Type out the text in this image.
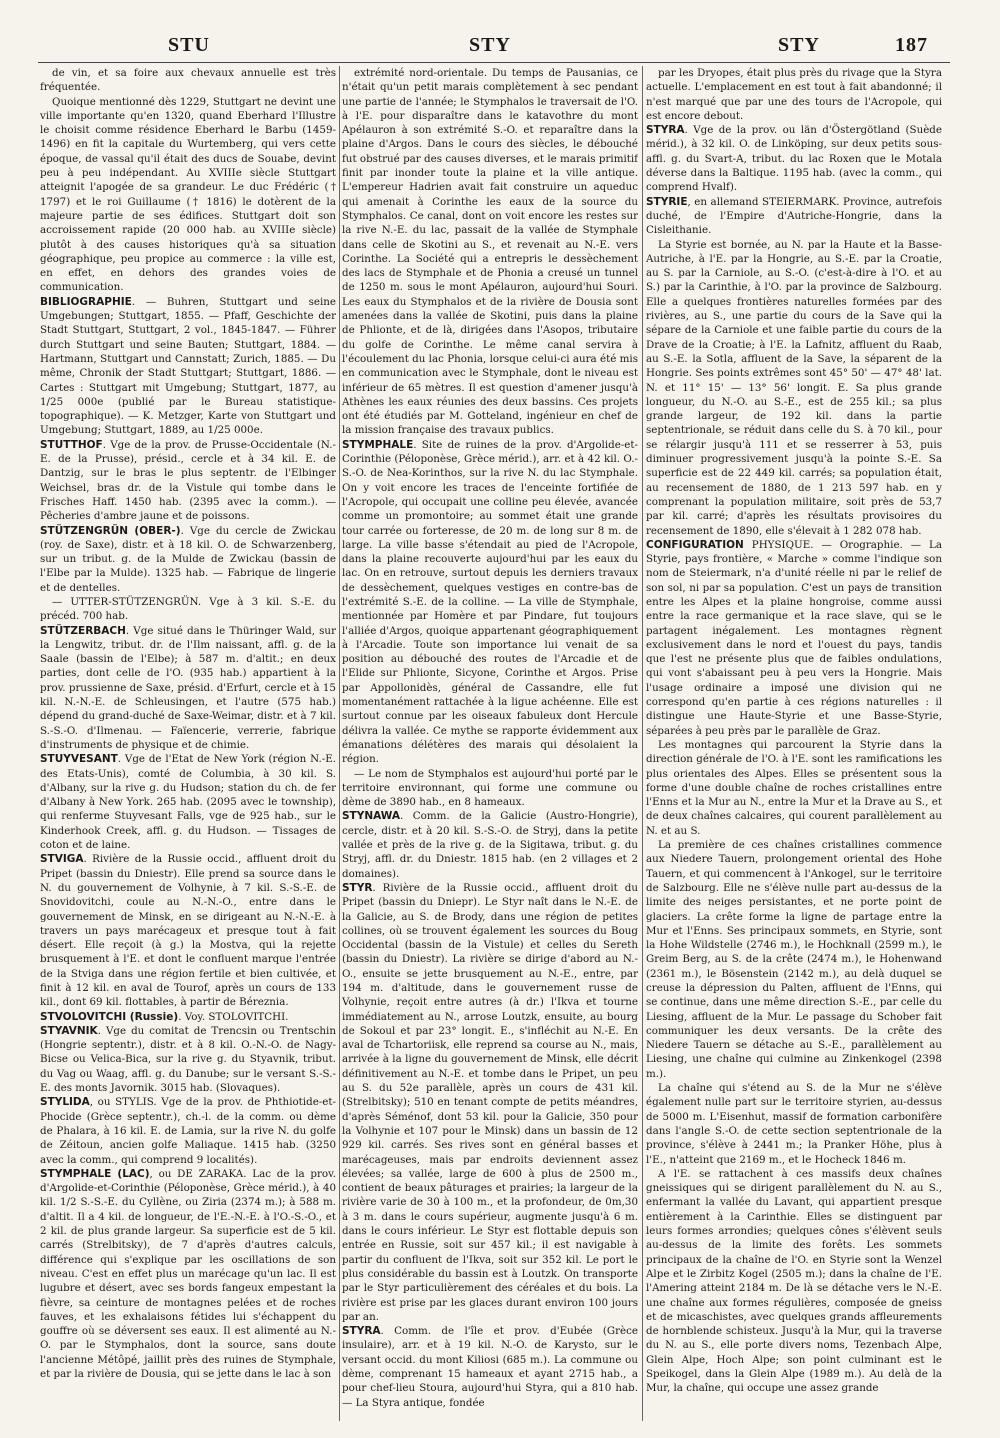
STU	STY	STY	187

de vin, et sa foire aux chevaux annuelle est très fréquentée.

Quoique mentionné dès 1229, Stuttgart ne devint une ville importante qu'en 1320, quand Eberhard l'Illustre le choisit comme résidence Eberhard le Barbu (1459-1496) en fit la capitale du Wurtemberg, qui vers cette époque, de vassal qu'il était des ducs de Souabe, devint peu à peu indépendant. Au XVIIIe siècle Stuttgart atteignit l'apogée de sa grandeur. Le duc Frédéric († 1797) et le roi Guillaume († 1816) le dotèrent de la majeure partie de ses édifices. Stuttgart doit son accroissement rapide (20 000 hab. au XVIIIe siècle) plutôt à des causes historiques qu'à sa situation géographique, peu propice au commerce : la ville est, en effet, en dehors des grandes voies de communication.

BIBLIOGRAPHIE. — Buhren, Stuttgart und seine Umgebungen; Stuttgart, 1855. — Pfaff, Geschichte der Stadt Stuttgart, Stuttgart, 2 vol., 1845-1847. — Führer durch Stuttgart und seine Bauten; Stuttgart, 1884. — Hartmann, Stuttgart und Cannstatt; Zurich, 1885. — Du même, Chronik der Stadt Stuttgart; Stuttgart, 1886. — Cartes : Stuttgart mit Umgebung; Stuttgart, 1877, au 1/25 000e (publié par le Bureau statistique-topographique). — K. Metzger, Karte von Stuttgart und Umgebung; Stuttgart, 1889, au 1/25 000e.

STUTTHOF. Vge de la prov. de Prusse-Occidentale (N.-E. de la Prusse), présid., cercle et à 34 kil. E. de Dantzig, sur le bras le plus septentr. de l'Elbinger Weichsel, bras dr. de la Vistule qui tombe dans le Frisches Haff. 1450 hab. (2395 avec la comm.). — Pêcheries d'ambre jaune et de poissons.

STÜTZENGRÜN (OBER-). Vge du cercle de Zwickau (roy. de Saxe), distr. et à 18 kil. O. de Schwarzenberg, sur un tribut. g. de la Mulde de Zwickau (bassin de l'Elbe par la Mulde). 1325 hab. — Fabrique de lingerie et de dentelles.

— UTTER-STÜTZENGRÜN. Vge à 3 kil. S.-E. du précéd. 700 hab.

STÜTZERBACH. Vge situé dans le Thüringer Wald, sur la Lengwitz, tribut. dr. de l'Ilm naissant, affl. g. de la Saale (bassin de l'Elbe); à 587 m. d'altit.; en deux parties, dont celle de l'O. (935 hab.) appartient à la prov. prussienne de Saxe, présid. d'Erfurt, cercle et à 15 kil. N.-N.-E. de Schleusingen, et l'autre (575 hab.) dépend du grand-duché de Saxe-Weimar, distr. et à 7 kil. S.-S.-O. d'Ilmenau. — Faïencerie, verrerie, fabrique d'instruments de physique et de chimie.

STUYVESANT. Vge de l'Etat de New York (région N.-E. des Etats-Unis), comté de Columbia, à 30 kil. S. d'Albany, sur la rive g. du Hudson; station du ch. de fer d'Albany à New York. 265 hab. (2095 avec le township), qui renferme Stuyvesant Falls, vge de 925 hab., sur le Kinderhook Creek, affl. g. du Hudson. — Tissages de coton et de laine.

STVIGA. Rivière de la Russie occid., affluent droit du Pripet (bassin du Dniestr). Elle prend sa source dans le N. du gouvernement de Volhynie, à 7 kil. S.-S.-E. de Snovidovitchi, coule au N.-N.-O., entre dans le gouvernement de Minsk, en se dirigeant au N.-N.-E. à travers un pays marécageux et presque tout à fait désert. Elle reçoit (à g.) la Mostva, qui la rejette brusquement à l'E. et dont le confluent marque l'entrée de la Stviga dans une région fertile et bien cultivée, et finit à 12 kil. en aval de Tourof, après un cours de 133 kil., dont 69 kil. flottables, à partir de Béreznia.

STVOLOVITCHI (Russie). Voy. STOLOVITCHI.

STYAVNIK. Vge du comitat de Trencsin ou Trentschin (Hongrie septentr.), distr. et à 8 kil. O.-N.-O. de Nagy-Bicse ou Velica-Bica, sur la rive g. du Styavnik, tribut. du Vag ou Waag, affl. g. du Danube; sur le versant S.-S.-E. des monts Javornik. 3015 hab. (Slovaques).

STYLIDA, ou STYLIS. Vge de la prov. de Phthiotide-et-Phocide (Grèce septentr.), ch.-l. de la comm. ou dème de Phalara, à 16 kil. E. de Lamia, sur la rive N. du golfe de Zéitoun, ancien golfe Maliaque. 1415 hab. (3250 avec la comm., qui comprend 9 localités).

STYMPHALE (LAC), ou DE ZARAKA. Lac de la prov. d'Argolide-et-Corinthie (Péloponèse, Grèce mérid.), à 40 kil. 1/2 S.-S.-E. du Cyllène, ou Ziria (2374 m.); à 588 m. d'altit. Il a 4 kil. de longueur, de l'E.-N.-E. à l'O.-S.-O., et 2 kil. de plus grande largeur. Sa superficie est de 5 kil. carrés (Strelbitsky), de 7 d'après d'autres calculs, différence qui s'explique par les oscillations de son niveau. C'est en effet plus un marécage qu'un lac. Il est lugubre et désert, avec ses bords fangeux empestant la fièvre, sa ceinture de montagnes pelées et de roches fauves, et les exhalaisons fétides lui s'échappent du gouffre où se déversent ses eaux. Il est alimenté au N.-O. par le Stymphalos, dont la source, sans doute l'ancienne Métôpé, jaillit près des ruines de Stymphale, et par la rivière de Dousia, qui se jette dans le lac à son

extrémité nord-orientale. Du temps de Pausanias, ce n'était qu'un petit marais complètement à sec pendant une partie de l'année; le Stymphalos le traversait de l'O. à l'E. pour disparaître dans le katavothre du mont Apélauron à son extrémité S.-O. et reparaître dans la plaine d'Argos. Dans le cours des siècles, le débouché fut obstrué par des causes diverses, et le marais primitif finit par inonder toute la plaine et la ville antique. L'empereur Hadrien avait fait construire un aqueduc qui amenait à Corinthe les eaux de la source du Stymphalos. Ce canal, dont on voit encore les restes sur la rive N.-E. du lac, passait de la vallée de Stymphale dans celle de Skotini au S., et revenait au N.-E. vers Corinthe. La Société qui a entrepris le dessèchement des lacs de Stymphale et de Phonia a creusé un tunnel de 1250 m. sous le mont Apélauron, aujourd'hui Souri. Les eaux du Stymphalos et de la rivière de Dousia sont amenées dans la vallée de Skotini, puis dans la plaine de Phlionte, et de là, dirigées dans l'Asopos, tributaire du golfe de Corinthe. Le même canal servira à l'écoulement du lac Phonia, lorsque celui-ci aura été mis en communication avec le Stymphale, dont le niveau est inférieur de 65 mètres. Il est question d'amener jusqu'à Athènes les eaux réunies des deux bassins. Ces projets ont été étudiés par M. Gotteland, ingénieur en chef de la mission française des travaux publics.

STYMPHALE. Site de ruines de la prov. d'Argolide-et-Corinthie (Péloponèse, Grèce mérid.), arr. et à 42 kil. O.-S.-O. de Nea-Korinthos, sur la rive N. du lac Stymphale. On y voit encore les traces de l'enceinte fortifiée de l'Acropole, qui occupait une colline peu élevée, avancée comme un promontoire; au sommet était une grande tour carrée ou forteresse, de 20 m. de long sur 8 m. de large. La ville basse s'étendait au pied de l'Acropole, dans la plaine recouverte aujourd'hui par les eaux du lac. On en retrouve, surtout depuis les derniers travaux de dessèchement, quelques vestiges en contre-bas de l'extrémité S.-E. de la colline. — La ville de Stymphale, mentionnée par Homère et par Pindare, fut toujours l'alliée d'Argos, quoique appartenant géographiquement à l'Arcadie. Toute son importance lui venait de sa position au débouché des routes de l'Arcadie et de l'Elide sur Phlionte, Sicyone, Corinthe et Argos. Prise par Appollonidès, général de Cassandre, elle fut momentanément rattachée à la ligue achéenne. Elle est surtout connue par les oiseaux fabuleux dont Hercule délivra la vallée. Ce mythe se rapporte évidemment aux émanations délétères des marais qui désolaient la région.

— Le nom de Stymphalos est aujourd'hui porté par le territoire environnant, qui forme une commune ou dème de 3890 hab., en 8 hameaux.

STYNAWA. Comm. de la Galicie (Austro-Hongrie), cercle, distr. et à 20 kil. S.-S.-O. de Stryj, dans la petite vallée et près de la rive g. de la Sigitawa, tribut. g. du Stryj, affl. dr. du Dniestr. 1815 hab. (en 2 villages et 2 domaines).

STYR. Rivière de la Russie occid., affluent droit du Pripet (bassin du Dniepr). Le Styr naît dans le N.-E. de la Galicie, au S. de Brody, dans une région de petites collines, où se trouvent également les sources du Boug Occidental (bassin de la Vistule) et celles du Sereth (bassin du Dniestr). La rivière se dirige d'abord au N.-O., ensuite se jette brusquement au N.-E., entre, par 194 m. d'altitude, dans le gouvernement russe de Volhynie, reçoit entre autres (à dr.) l'Ikva et tourne immédiatement au N., arrose Loutzk, ensuite, au bourg de Sokoul et par 23° longit. E., s'infléchit au N.-E. En aval de Tchartoriisk, elle reprend sa course au N., mais, arrivée à la ligne du gouvernement de Minsk, elle décrit définitivement au N.-E. et tombe dans le Pripet, un peu au S. du 52e parallèle, après un cours de 431 kil. (Strelbitsky); 510 en tenant compte de petits méandres, d'après Séménof, dont 53 kil. pour la Galicie, 350 pour la Volhynie et 107 pour le Minsk) dans un bassin de 12 929 kil. carrés. Ses rives sont en général basses et marécageuses, mais par endroits deviennent assez élevées; sa vallée, large de 600 à plus de 2500 m., contient de beaux pâturages et prairies; la largeur de la rivière varie de 30 à 100 m., et la profondeur, de 0m,30 à 3 m. dans le cours supérieur, augmente jusqu'à 6 m. dans le cours inférieur. Le Styr est flottable depuis son entrée en Russie, soit sur 457 kil.; il est navigable à partir du confluent de l'Ikva, soit sur 352 kil. Le port le plus considérable du bassin est à Loutzk. On transporte par le Styr particulièrement des céréales et du bois. La rivière est prise par les glaces durant environ 100 jours par an.

STYRA. Comm. de l'île et prov. d'Eubée (Grèce insulaire), arr. et à 19 kil. N.-O. de Karysto, sur le versant occid. du mont Kiliosi (685 m.). La commune ou dème, comprenant 15 hameaux et ayant 2715 hab., a pour chef-lieu Stoura, aujourd'hui Styra, qui a 810 hab. — La Styra antique, fondée

par les Dryopes, était plus près du rivage que la Styra actuelle. L'emplacement en est tout à fait abandonné; il n'est marqué que par une des tours de l'Acropole, qui est encore debout.

STYRA. Vge de la prov. ou län d'Östergötland (Suède mérid.), à 32 kil. O. de Linköping, sur deux petits sous-affl. g. du Svart-A, tribut. du lac Roxen que le Motala déverse dans la Baltique. 1195 hab. (avec la comm., qui comprend Hvalf).

STYRIE, en allemand STEIERMARK. Province, autrefois duché, de l'Empire d'Autriche-Hongrie, dans la Cisleithanie.

La Styrie est bornée, au N. par la Haute et la Basse-Autriche, à l'E. par la Hongrie, au S.-E. par la Croatie, au S. par la Carniole, au S.-O. (c'est-à-dire à l'O. et au S.) par la Carinthie, à l'O. par la province de Salzbourg. Elle a quelques frontières naturelles formées par des rivières, au S., une partie du cours de la Save qui la sépare de la Carniole et une faible partie du cours de la Drave de la Croatie; à l'E. la Lafnitz, affluent du Raab, au S.-E. la Sotla, affluent de la Save, la séparent de la Hongrie. Ses points extrêmes sont 45° 50' — 47° 48' lat. N. et 11° 15' — 13° 56' longit. E. Sa plus grande longueur, du N.-O. au S.-E., est de 255 kil.; sa plus grande largeur, de 192 kil. dans la partie septentrionale, se réduit dans celle du S. à 70 kil., pour se rélargir jusqu'à 111 et se resserrer à 53, puis diminuer progressivement jusqu'à la pointe S.-E. Sa superficie est de 22 449 kil. carrés; sa population était, au recensement de 1880, de 1 213 597 hab. en y comprenant la population militaire, soit près de 53,7 par kil. carré; d'après les résultats provisoires du recensement de 1890, elle s'élevait à 1 282 078 hab.

CONFIGURATION PHYSIQUE. — Orographie. — La Styrie, pays frontière, « Marche » comme l'indique son nom de Steiermark, n'a d'unité réelle ni par le relief de son sol, ni par sa population. C'est un pays de transition entre les Alpes et la plaine hongroise, comme aussi entre la race germanique et la race slave, qui se le partagent inégalement. Les montagnes règnent exclusivement dans le nord et l'ouest du pays, tandis que l'est ne présente plus que de faibles ondulations, qui vont s'abaissant peu à peu vers la Hongrie. Mais l'usage ordinaire a imposé une division qui ne correspond qu'en partie à ces régions naturelles : il distingue une Haute-Styrie et une Basse-Styrie, séparées à peu près par le parallèle de Graz.

Les montagnes qui parcourent la Styrie dans la direction générale de l'O. à l'E. sont les ramifications les plus orientales des Alpes. Elles se présentent sous la forme d'une double chaîne de roches cristallines entre l'Enns et la Mur au N., entre la Mur et la Drave au S., et de deux chaînes calcaires, qui courent parallèlement au N. et au S.

La première de ces chaînes cristallines commence aux Niedere Tauern, prolongement oriental des Hohe Tauern, et qui commencent à l'Ankogel, sur le territoire de Salzbourg. Elle ne s'élève nulle part au-dessus de la limite des neiges persistantes, et ne porte point de glaciers. La crête forme la ligne de partage entre la Mur et l'Enns. Ses principaux sommets, en Styrie, sont la Hohe Wildstelle (2746 m.), le Hochknall (2599 m.), le Greim Berg, au S. de la crête (2474 m.), le Hohenwand (2361 m.), le Bösenstein (2142 m.), au delà duquel se creuse la dépression du Palten, affluent de l'Enns, qui se continue, dans une même direction S.-E., par celle du Liesing, affluent de la Mur. Le passage du Schober fait communiquer les deux versants. De la crête des Niedere Tauern se détache au S.-E., parallèlement au Liesing, une chaîne qui culmine au Zinkenkogel (2398 m.).

La chaîne qui s'étend au S. de la Mur ne s'élève également nulle part sur le territoire styrien, au-dessus de 5000 m. L'Eisenhut, massif de formation carbonifère dans l'angle S.-O. de cette section septentrionale de la province, s'élève à 2441 m.; la Pranker Höhe, plus à l'E., n'atteint que 2169 m., et le Hocheck 1846 m.

A l'E. se rattachent à ces massifs deux chaînes gneissiques qui se dirigent parallèlement du N. au S., enfermant la vallée du Lavant, qui appartient presque entièrement à la Carinthie. Elles se distinguent par leurs formes arrondies; quelques cônes s'élèvent seuls au-dessus de la limite des forêts. Les sommets principaux de la chaîne de l'O. en Styrie sont la Wenzel Alpe et le Zirbitz Kogel (2505 m.); dans la chaîne de l'E. l'Amering atteint 2184 m. De là se détache vers le N.-E. une chaîne aux formes régulières, composée de gneiss et de micaschistes, avec quelques grands affleurements de hornblende schisteux. Jusqu'à la Mur, qui la traverse du N. au S., elle porte divers noms, Tezenbach Alpe, Glein Alpe, Hoch Alpe; son point culminant est le Speikogel, dans la Glein Alpe (1989 m.). Au delà de la Mur, la chaîne, qui occupe une assez grande
